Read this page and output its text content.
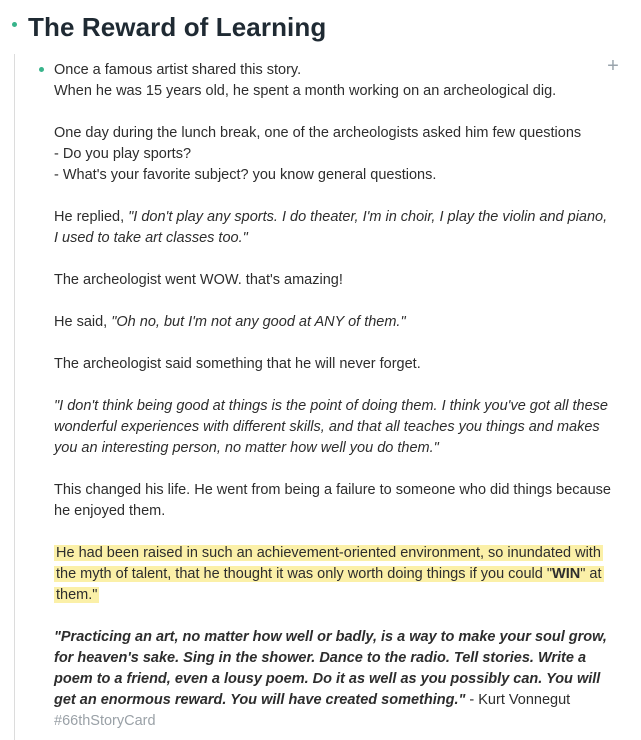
The Reward of Learning
+

Once a famous artist shared this story.

When he was 15 years old, he spent a month working on an archeological dig.

One day during the lunch break, one of the archeologists asked him few questions

- Do you play sports?

- What's your favorite subject? you know general questions.

He replied, "I don't play any sports. I do theater, I'm in choir, I play the violin and piano, I used to take art classes too."

The archeologist went WOW. that's amazing!

He said, "Oh no, but I'm not any good at ANY of them."

The archeologist said something that he will never forget.

"I don't think being good at things is the point of doing them. I think you've got all these wonderful experiences with different skills, and that all teaches you things and makes you an interesting person, no matter how well you do them."

This changed his life. He went from being a failure to someone who did things because he enjoyed them.

He had been raised in such an achievement-oriented environment, so inundated with the myth of talent, that he thought it was only worth doing things if you could "WIN" at them."

"Practicing an art, no matter how well or badly, is a way to make your soul grow, for heaven's sake. Sing in the shower. Dance to the radio. Tell stories. Write a poem to a friend, even a lousy poem. Do it as well as you possibly can. You will get an enormous reward. You will have created something." - Kurt Vonnegut

#66thStoryCard
